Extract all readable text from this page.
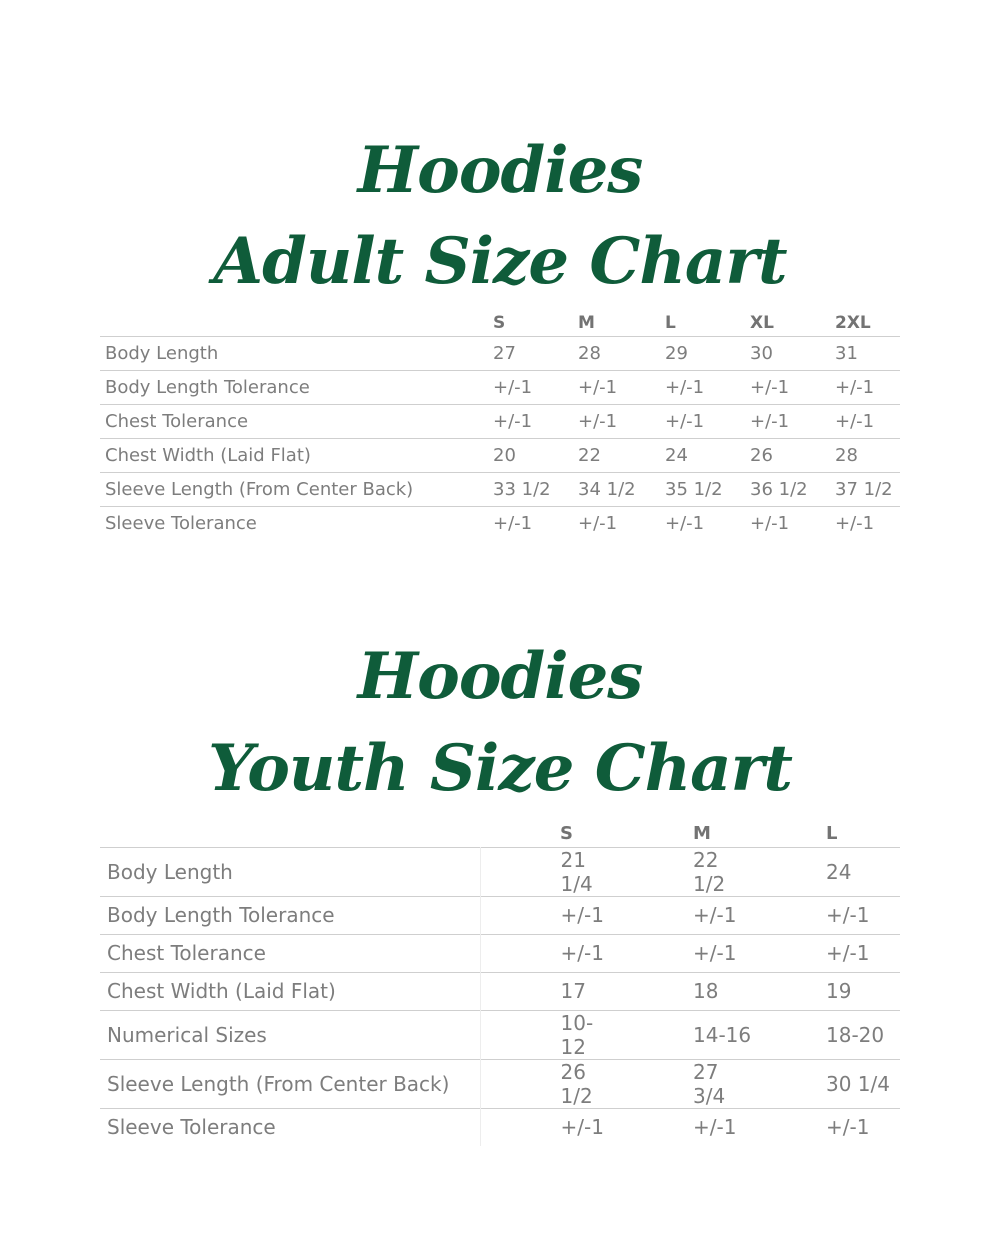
Hoodies
Adult Size Chart
	S	M	L	XL	2XL
Body Length	27	28	29	30	31
Body Length Tolerance	+/-1	+/-1	+/-1	+/-1	+/-1
Chest Tolerance	+/-1	+/-1	+/-1	+/-1	+/-1
Chest Width (Laid Flat)	20	22	24	26	28
Sleeve Length (From Center Back)	33 1/2	34 1/2	35 1/2	36 1/2	37 1/2
Sleeve Tolerance	+/-1	+/-1	+/-1	+/-1	+/-1
Hoodies
Youth Size Chart
	S	M	L
Body Length	21 1/4	22 1/2	24
Body Length Tolerance	+/-1	+/-1	+/-1
Chest Tolerance	+/-1	+/-1	+/-1
Chest Width (Laid Flat)	17	18	19
Numerical Sizes	10-12	14-16	18-20
Sleeve Length (From Center Back)	26 1/2	27 3/4	30 1/4
Sleeve Tolerance	+/-1	+/-1	+/-1
